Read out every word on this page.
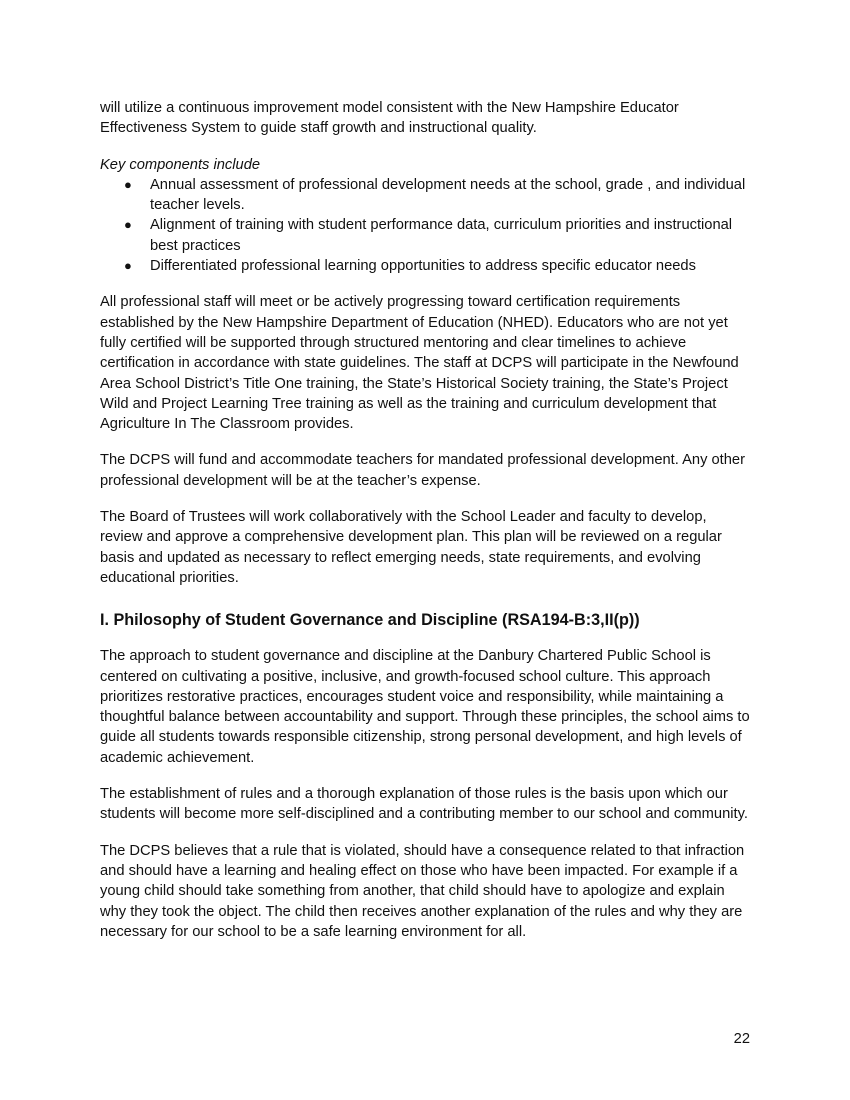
will utilize a continuous improvement model consistent with the New Hampshire Educator Effectiveness System to guide staff growth and instructional quality.

Key components include

● Annual assessment of professional development needs at the school, grade , and individual teacher levels.
● Alignment of training with student performance data, curriculum priorities and instructional best practices
● Differentiated professional learning opportunities to address specific educator needs

All professional staff will meet or be actively progressing toward certification requirements established by the New Hampshire Department of Education (NHED). Educators who are not yet fully certified will be supported through structured mentoring and clear timelines to achieve certification in accordance with state guidelines. The staff at DCPS will participate in the Newfound Area School District’s Title One training, the State’s Historical Society training, the State’s Project Wild and Project Learning Tree training as well as the training and curriculum development that Agriculture In The Classroom provides.

The DCPS will fund and accommodate teachers for mandated professional development. Any other professional development will be at the teacher’s expense.

The Board of Trustees will work collaboratively with the School Leader and faculty to develop, review and approve a comprehensive development plan. This plan will be reviewed on a regular basis and updated as necessary to reflect emerging needs, state requirements, and evolving educational priorities.

I. Philosophy of Student Governance and Discipline (RSA194-B:3,II(p))

The approach to student governance and discipline at the Danbury Chartered Public School is centered on cultivating a positive, inclusive, and growth-focused school culture. This approach prioritizes restorative practices, encourages student voice and responsibility, while maintaining a thoughtful balance between accountability and support. Through these principles, the school aims to guide all students towards responsible citizenship, strong personal development, and high levels of academic achievement.

The establishment of rules and a thorough explanation of those rules is the basis upon which our students will become more self-disciplined and a contributing member to our school and community.

The DCPS believes that a rule that is violated, should have a consequence related to that infraction and should have a learning and healing effect on those who have been impacted. For example if a young child should take something from another, that child should have to apologize and explain why they took the object. The child then receives another explanation of the rules and why they are necessary for our school to be a safe learning environment for all.

22
